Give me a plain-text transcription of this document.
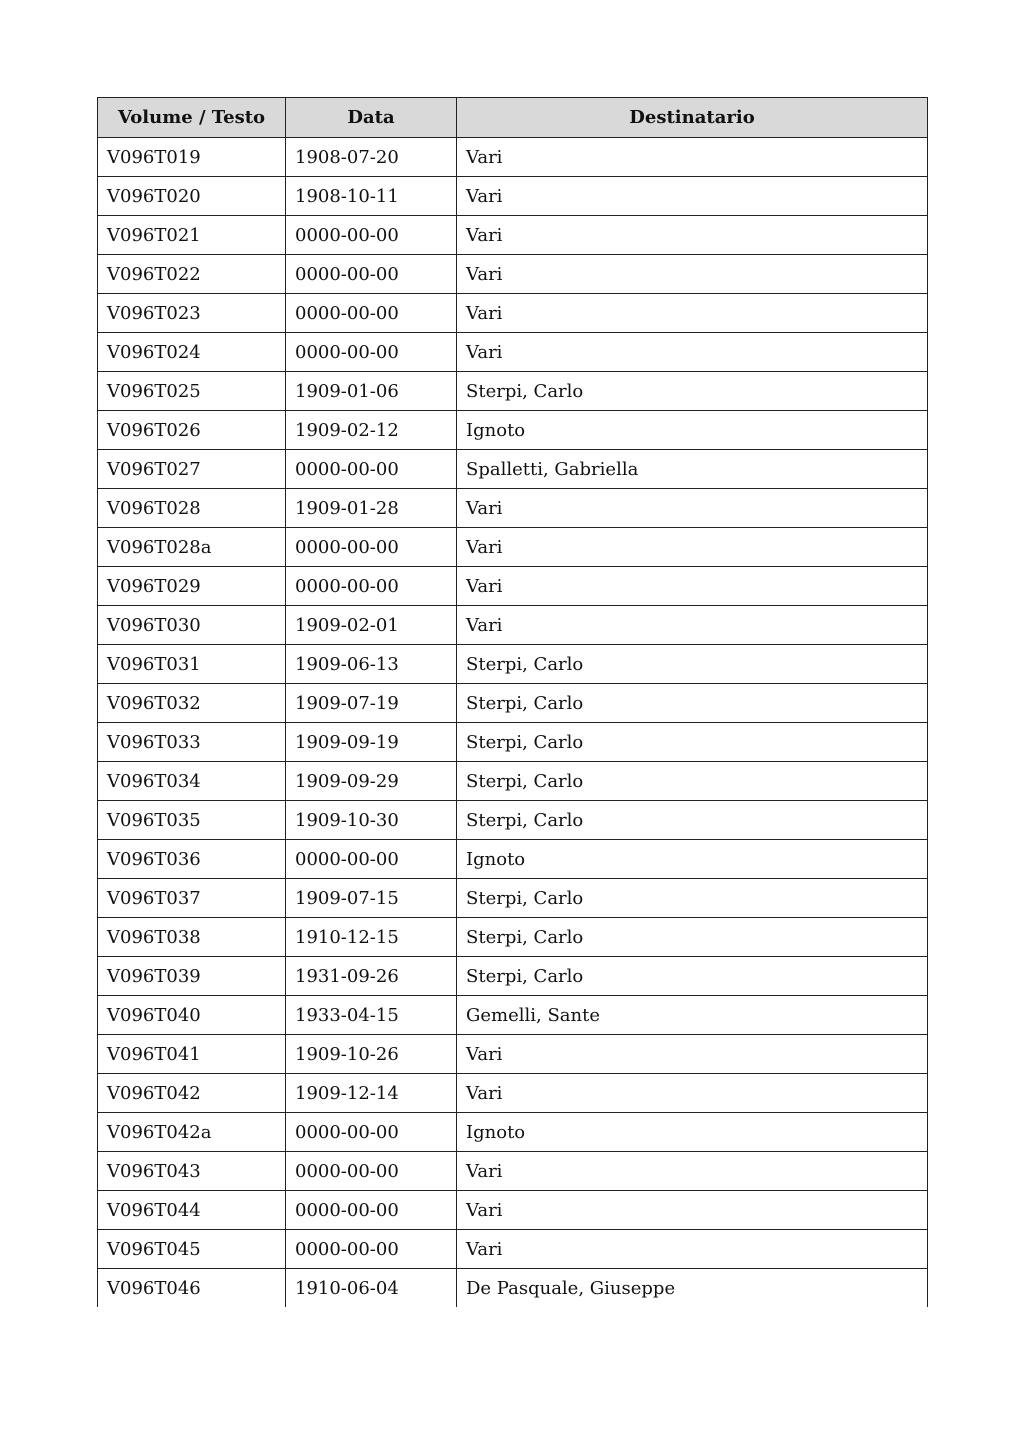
Volume / Testo	Data	Destinatario
V096T019	1908-07-20	Vari
V096T020	1908-10-11	Vari
V096T021	0000-00-00	Vari
V096T022	0000-00-00	Vari
V096T023	0000-00-00	Vari
V096T024	0000-00-00	Vari
V096T025	1909-01-06	Sterpi, Carlo
V096T026	1909-02-12	Ignoto
V096T027	0000-00-00	Spalletti, Gabriella
V096T028	1909-01-28	Vari
V096T028a	0000-00-00	Vari
V096T029	0000-00-00	Vari
V096T030	1909-02-01	Vari
V096T031	1909-06-13	Sterpi, Carlo
V096T032	1909-07-19	Sterpi, Carlo
V096T033	1909-09-19	Sterpi, Carlo
V096T034	1909-09-29	Sterpi, Carlo
V096T035	1909-10-30	Sterpi, Carlo
V096T036	0000-00-00	Ignoto
V096T037	1909-07-15	Sterpi, Carlo
V096T038	1910-12-15	Sterpi, Carlo
V096T039	1931-09-26	Sterpi, Carlo
V096T040	1933-04-15	Gemelli, Sante
V096T041	1909-10-26	Vari
V096T042	1909-12-14	Vari
V096T042a	0000-00-00	Ignoto
V096T043	0000-00-00	Vari
V096T044	0000-00-00	Vari
V096T045	0000-00-00	Vari
V096T046	1910-06-04	De Pasquale, Giuseppe
